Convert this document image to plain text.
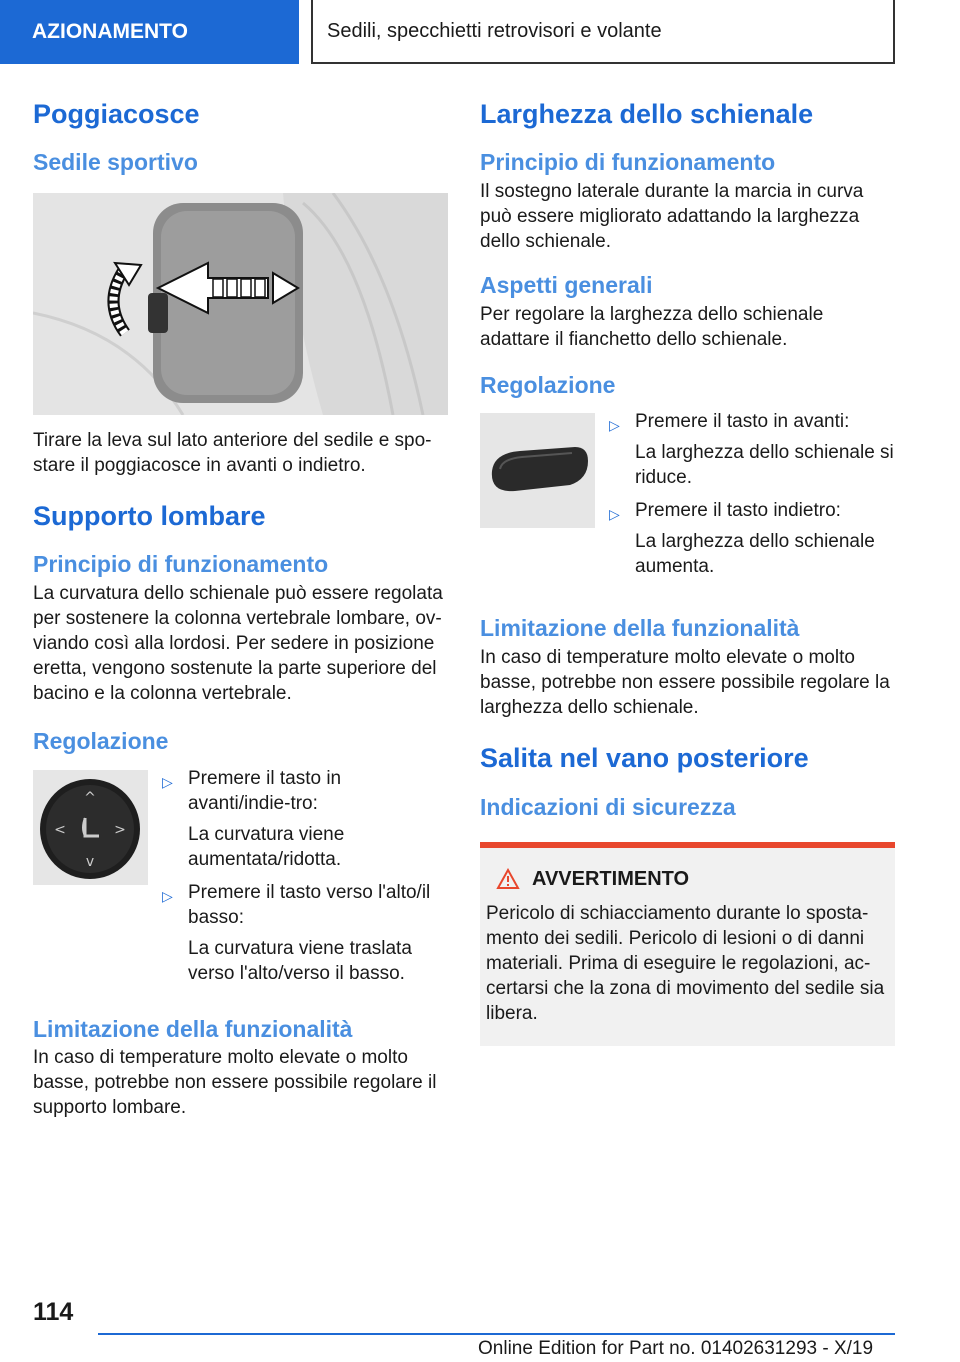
AZIONAMENTO	Sedili, specchietti retrovisori e volante
Poggiacosce
Sedile sportivo

Tirare la leva sul lato anteriore del sedile e spo-stare il poggiacosce in avanti o indietro.

Supporto lombare
Principio di funzionamento

La curvatura dello schienale può essere regolata per sostenere la colonna vertebrale lombare, ov-viando così alla lordosi. Per sedere in posizione eretta, vengono sostenute la parte superiore del bacino e la colonna vertebrale.

Regolazione
^
v
<	>
▷ Premere il tasto in avanti/indie-tro:
La curvatura viene aumentata/ridotta.
▷ Premere il tasto verso l'alto/il basso:
La curvatura viene traslata verso l'alto/verso il basso.
Limitazione della funzionalità

In caso di temperature molto elevate o molto basse, potrebbe non essere possibile regolare il supporto lombare.

Larghezza dello schienale
Principio di funzionamento

Il sostegno laterale durante la marcia in curva può essere migliorato adattando la larghezza dello schienale.

Aspetti generali

Per regolare la larghezza dello schienale adattare il fianchetto dello schienale.

Regolazione
▷ Premere il tasto in avanti:
La larghezza dello schienale si riduce.
▷ Premere il tasto indietro:
La larghezza dello schienale aumenta.
Limitazione della funzionalità

In caso di temperature molto elevate o molto basse, potrebbe non essere possibile regolare la larghezza dello schienale.

Salita nel vano posteriore
Indicazioni di sicurezza
AVVERTIMENTO

Pericolo di schiacciamento durante lo sposta-mento dei sedili. Pericolo di lesioni o di danni materiali. Prima di eseguire le regolazioni, ac-certarsi che la zona di movimento del sedile sia libera.

114
Online Edition for Part no. 01402631293 - X/19
